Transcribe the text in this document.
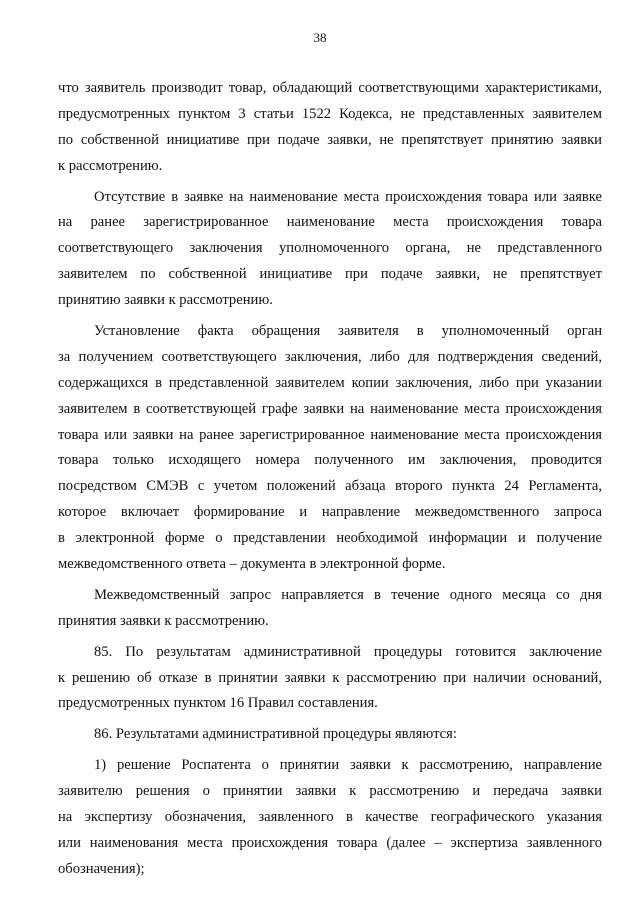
38
что заявитель производит товар, обладающий соответствующими характеристиками,
предусмотренных пунктом 3 статьи 1522 Кодекса, не представленных заявителем
по собственной инициативе при подаче заявки, не препятствует принятию заявки
к рассмотрению.
Отсутствие в заявке на наименование места происхождения товара или заявке
на ранее зарегистрированное наименование места происхождения товара
соответствующего заключения уполномоченного органа, не представленного
заявителем по собственной инициативе при подаче заявки, не препятствует
принятию заявки к рассмотрению.
Установление факта обращения заявителя в уполномоченный орган
за получением соответствующего заключения, либо для подтверждения сведений,
содержащихся в представленной заявителем копии заключения, либо при указании
заявителем в соответствующей графе заявки на наименование места происхождения
товара или заявки на ранее зарегистрированное наименование места происхождения
товара только исходящего номера полученного им заключения, проводится
посредством СМЭВ с учетом положений абзаца второго пункта 24 Регламента,
которое включает формирование и направление межведомственного запроса
в электронной форме о представлении необходимой информации и получение
межведомственного ответа – документа в электронной форме.
Межведомственный запрос направляется в течение одного месяца со дня
принятия заявки к рассмотрению.
85. По результатам административной процедуры готовится заключение
к решению об отказе в принятии заявки к рассмотрению при наличии оснований,
предусмотренных пунктом 16 Правил составления.
86. Результатами административной процедуры являются:
1) решение Роспатента о принятии заявки к рассмотрению, направление
заявителю решения о принятии заявки к рассмотрению и передача заявки
на экспертизу обозначения, заявленного в качестве географического указания
или наименования места происхождения товара (далее – экспертиза заявленного
обозначения);
